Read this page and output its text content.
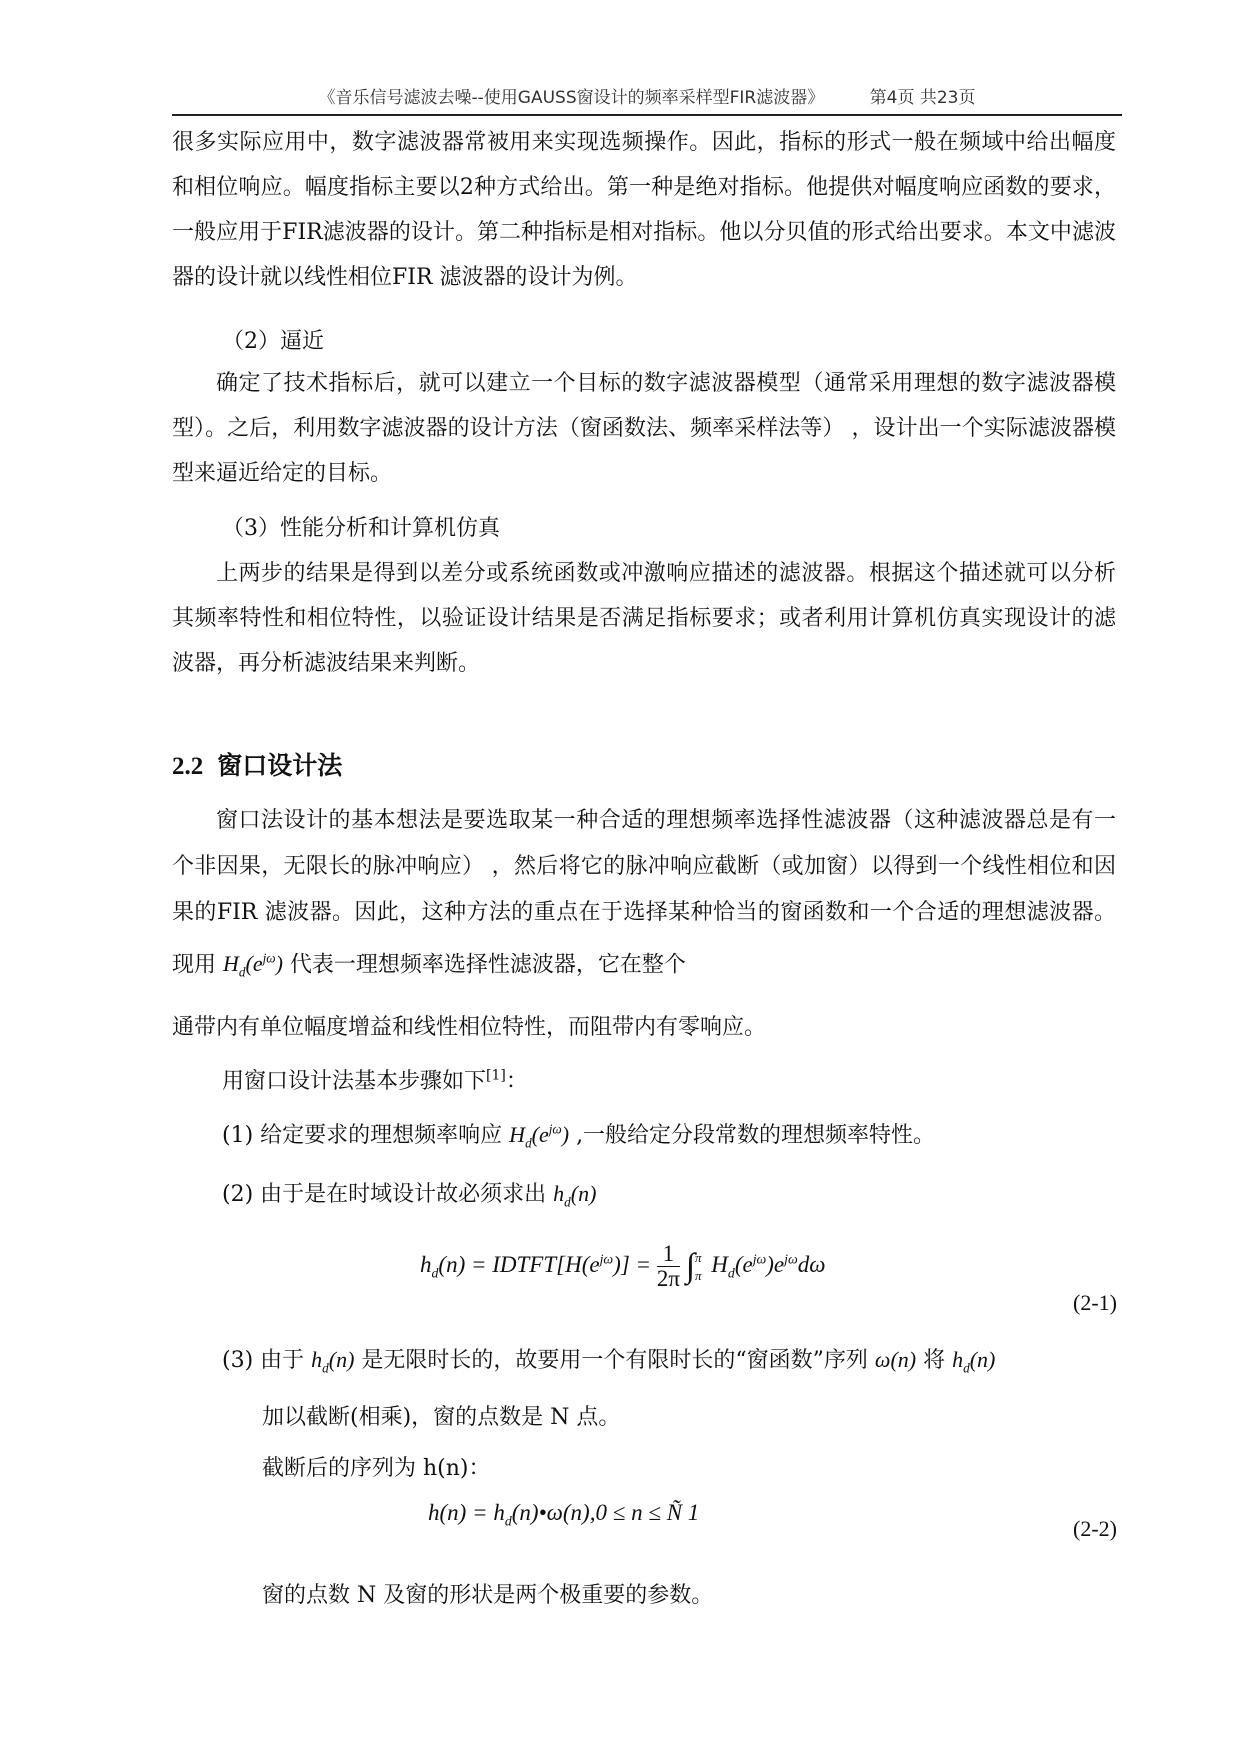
《音乐信号滤波去噪--使用GAUSS窗设计的频率采样型FIR滤波器》	第4页 共23页

很多实际应用中，数字滤波器常被用来实现选频操作。因此，指标的形式一般在频域中给出幅度和相位响应。幅度指标主要以2种方式给出。第一种是绝对指标。他提供对幅度响应函数的要求，一般应用于FIR滤波器的设计。第二种指标是相对指标。他以分贝值的形式给出要求。本文中滤波器的设计就以线性相位FIR 滤波器的设计为例。

（2）逼近

确定了技术指标后，就可以建立一个目标的数字滤波器模型（通常采用理想的数字滤波器模型）。之后，利用数字滤波器的设计方法（窗函数法、频率采样法等） ，设计出一个实际滤波器模型来逼近给定的目标。

（3）性能分析和计算机仿真

上两步的结果是得到以差分或系统函数或冲激响应描述的滤波器。根据这个描述就可以分析其频率特性和相位特性，以验证设计结果是否满足指标要求；或者利用计算机仿真实现设计的滤波器，再分析滤波结果来判断。

2.2 窗口设计法

窗口法设计的基本想法是要选取某一种合适的理想频率选择性滤波器（这种滤波器总是有一个非因果，无限长的脉冲响应） ，然后将它的脉冲响应截断（或加窗）以得到一个线性相位和因果的FIR 滤波器。因此，这种方法的重点在于选择某种恰当的窗函数和一个合适的理想滤波器。现用 $H_d(e^{j\omega})$ 代表一理想频率选择性滤波器，它在整个

通带内有单位幅度增益和线性相位特性，而阻带内有零响应。
用窗口设计法基本步骤如下[1]：
(1) 给定要求的理想频率响应 $H_d(e^{j\omega})$ ,一般给定分段常数的理想频率特性。
(2) 由于是在时域设计故必须求出 $h_d(n)$
$h_d(n)$ = $IDTFT[H(e^{j\omega})] = \frac{1}{2\pi}$ ∫ π
π $H_d(e^{j\omega})e^{j\omega}d\omega$
(2-1)
(3) 由于 $h_d(n)$ 是无限时长的，故要用一个有限时长的“窗函数”序列 ω(n) 将 $h_d(n)$
加以截断(相乘)，窗的点数是 N 点。
截断后的序列为 h(n)：
$h(n) = h_d(n)•\omega(n),0 \le n$ ≤ Ñ 1
(2-2)
窗的点数 N 及窗的形状是两个极重要的参数。
